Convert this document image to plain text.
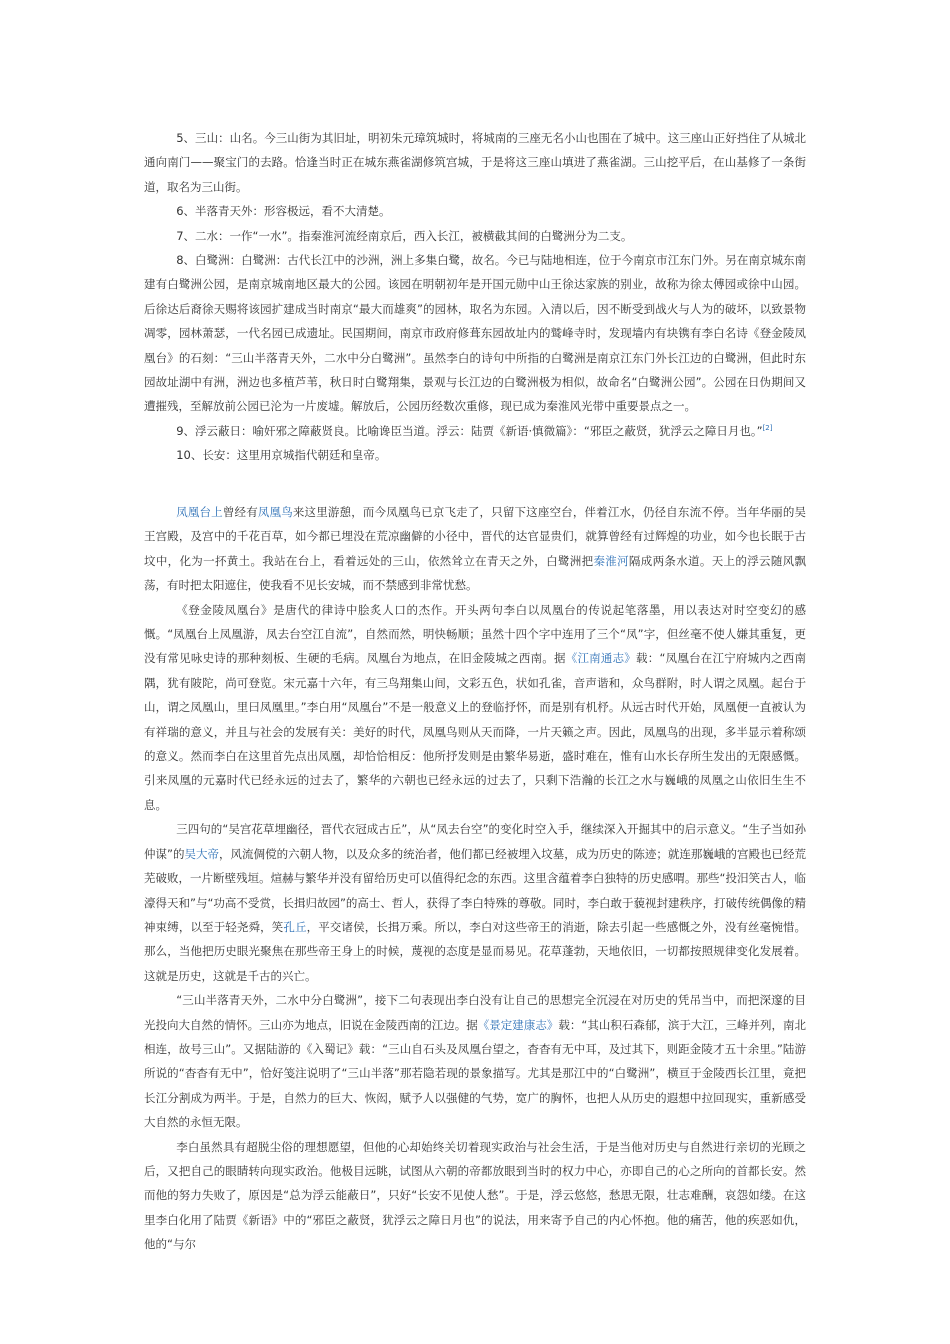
5、三山：山名。今三山街为其旧址，明初朱元璋筑城时，将城南的三座无名小山也围在了城中。这三座山正好挡住了从城北通向南门——聚宝门的去路。恰逢当时正在城东燕雀湖修筑宫城，于是将这三座山填进了燕雀湖。三山挖平后，在山基修了一条街道，取名为三山街。

6、半落青天外：形容极远，看不大清楚。

7、二水：一作“一水”。指秦淮河流经南京后，西入长江，被横截其间的白鹭洲分为二支。

8、白鹭洲：白鹭洲：古代长江中的沙洲，洲上多集白鹭，故名。今已与陆地相连，位于今南京市江东门外。另在南京城东南建有白鹭洲公园，是南京城南地区最大的公园。该园在明朝初年是开国元勋中山王徐达家族的别业，故称为徐太傅园或徐中山园。后徐达后裔徐天赐将该园扩建成当时南京“最大而雄爽”的园林，取名为东园。入清以后，因不断受到战火与人为的破坏，以致景物凋零，园林萧瑟，一代名园已成遗址。民国期间，南京市政府修葺东园故址内的鹫峰寺时，发现墙内有块镌有李白名诗《登金陵凤凰台》的石刻：“三山半落青天外，二水中分白鹭洲”。虽然李白的诗句中所指的白鹭洲是南京江东门外长江边的白鹭洲，但此时东园故址湖中有洲，洲边也多植芦苇，秋日时白鹭翔集，景观与长江边的白鹭洲极为相似，故命名“白鹭洲公园”。公园在日伪期间又遭摧残，至解放前公园已沦为一片废墟。解放后，公园历经数次重修，现已成为秦淮风光带中重要景点之一。

9、浮云蔽日：喻奸邪之障蔽贤良。比喻谗臣当道。浮云：陆贾《新语·慎微篇》：“邪臣之蔽贤，犹浮云之障日月也。”[2]

10、长安：这里用京城指代朝廷和皇帝。

凤凰台上曾经有凤凰鸟来这里游憩，而今凤凰鸟已京飞走了，只留下这座空台，伴着江水，仍径自东流不停。当年华丽的吴王宫殿，及宫中的千花百草，如今都已埋没在荒凉幽僻的小径中，晋代的达官显贵们，就算曾经有过辉煌的功业，如今也长眠于古坟中，化为一抔黄土。我站在台上，看着远处的三山，依然耸立在青天之外，白鹭洲把秦淮河隔成两条水道。天上的浮云随风飘荡，有时把太阳遮住，使我看不见长安城，而不禁感到非常忧愁。

《登金陵凤凰台》是唐代的律诗中脍炙人口的杰作。开头两句李白以凤凰台的传说起笔落墨，用以表达对时空变幻的感慨。“凤凰台上凤凰游，凤去台空江自流”，自然而然，明快畅顺；虽然十四个字中连用了三个“凤”字，但丝毫不使人嫌其重复，更没有常见咏史诗的那种刻板、生硬的毛病。凤凰台为地点，在旧金陵城之西南。据《江南通志》载：“凤凰台在江宁府城内之西南隅，犹有陂陀，尚可登览。宋元嘉十六年，有三鸟翔集山间，文彩五色，状如孔雀，音声谐和，众鸟群附，时人谓之凤凰。起台于山，谓之凤凰山，里曰凤凰里。”李白用“凤凰台”不是一般意义上的登临抒怀，而是别有机杼。从远古时代开始，凤凰便一直被认为有祥瑞的意义，并且与社会的发展有关：美好的时代，凤凰鸟则从天而降，一片天籁之声。因此，凤凰鸟的出现，多半显示着称颂的意义。然而李白在这里首先点出凤凰，却恰恰相反：他所抒发则是由繁华易逝，盛时难在，惟有山水长存所生发出的无限感慨。引来凤凰的元嘉时代已经永远的过去了，繁华的六朝也已经永远的过去了，只剩下浩瀚的长江之水与巍峨的凤凰之山依旧生生不息。

三四句的“吴宫花草埋幽径，晋代衣冠成古丘”，从“凤去台空”的变化时空入手，继续深入开掘其中的启示意义。“生子当如孙仲谋”的吴大帝，风流倜傥的六朝人物，以及众多的统治者，他们都已经被埋入坟墓，成为历史的陈迹；就连那巍峨的宫殿也已经荒芜破败，一片断壁残垣。煊赫与繁华并没有留给历史可以值得纪念的东西。这里含蕴着李白独特的历史感喟。那些“投汨笑古人，临濠得天和”与“功高不受赏，长揖归故园”的高士、哲人，获得了李白特殊的尊敬。同时，李白敢于藐视封建秩序，打破传统偶像的精神束缚，以至于轻尧舜，笑孔丘，平交诸侯，长揖万乘。所以，李白对这些帝王的消逝，除去引起一些感慨之外，没有丝毫惋惜。那么，当他把历史眼光聚焦在那些帝王身上的时候，蔑视的态度是显而易见。花草蓬勃，天地依旧，一切都按照规律变化发展着。这就是历史，这就是千古的兴亡。

“三山半落青天外，二水中分白鹭洲”，接下二句表现出李白没有让自己的思想完全沉浸在对历史的凭吊当中，而把深邃的目光投向大自然的情怀。三山亦为地点，旧说在金陵西南的江边。据《景定建康志》载：“其山积石森郁，滨于大江，三峰并列，南北相连，故号三山”。又据陆游的《入蜀记》载：“三山自石头及凤凰台望之，杳杳有无中耳，及过其下，则距金陵才五十余里。”陆游所说的“杳杳有无中”，恰好笺注说明了“三山半落”那若隐若现的景象描写。尤其是那江中的“白鹭洲”，横亘于金陵西长江里，竟把长江分割成为两半。于是，自然力的巨大、恢闳，赋予人以强健的气势，宽广的胸怀，也把人从历史的遐想中拉回现实，重新感受大自然的永恒无限。

李白虽然具有超脱尘俗的理想愿望，但他的心却始终关切着现实政治与社会生活，于是当他对历史与自然进行亲切的光顾之后，又把自己的眼睛转向现实政治。他极目远眺，试图从六朝的帝都放眼到当时的权力中心，亦即自己的心之所向的首都长安。然而他的努力失败了，原因是“总为浮云能蔽日”，只好“长安不见使人愁”。于是，浮云悠悠，愁思无限，壮志难酬，哀怨如缕。在这里李白化用了陆贾《新语》中的“邪臣之蔽贤，犹浮云之障日月也”的说法，用来寄予自己的内心怀抱。他的痛苦，他的疾恶如仇，他的“与尔
